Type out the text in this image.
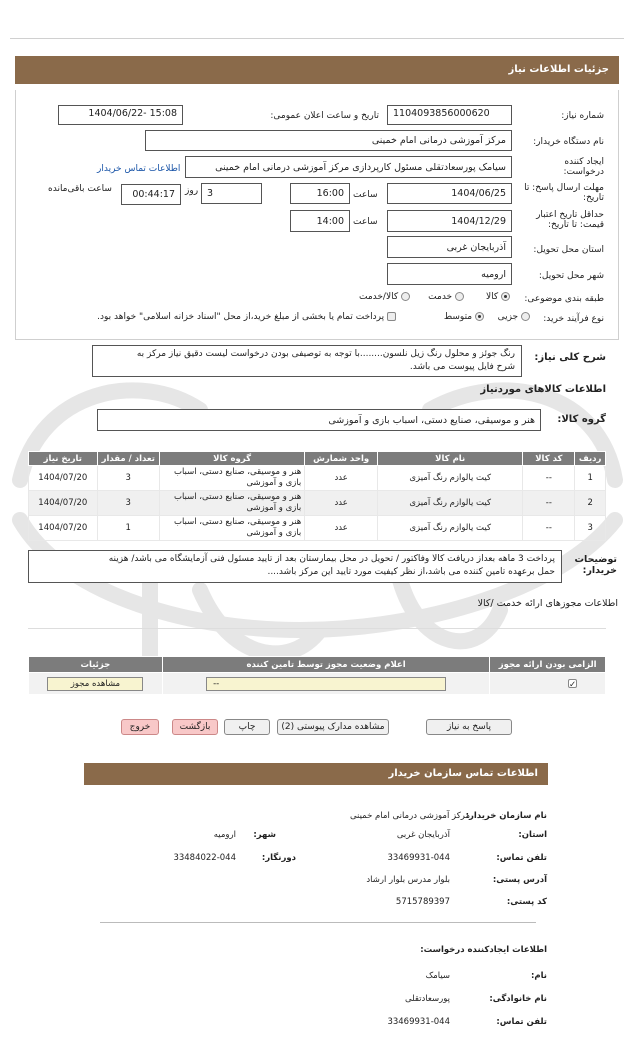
جزئیات اطلاعات نیاز
شماره نیاز:
1104093856000620
تاریخ و ساعت اعلان عمومی:
1404/06/22- 15:08
نام دستگاه خریدار:
مرکز آموزشی درمانی امام خمینی
ایجاد کننده درخواست:
سیامک پورسعادتقلی مسئول کارپردازی مرکز آموزشی درمانی امام خمینی
اطلاعات تماس خریدار
مهلت ارسال پاسخ: تا تاریخ:
1404/06/25
ساعت
16:00
3
روز
00:44:17
ساعت باقی‌مانده
حداقل تاریخ اعتبار قیمت: تا تاریخ:
1404/12/29
ساعت
14:00
استان محل تحویل:
آذربایجان غربی
شهر محل تحویل:
ارومیه
طبقه بندی موضوعی:
کالا
خدمت
کالا/خدمت
نوع فرآیند خرید:
جزیی
متوسط
پرداخت تمام یا بخشی از مبلغ خرید،از محل "اسناد خزانه اسلامی" خواهد بود.
شرح کلی نیاز:
رنگ جوئز و محلول رنگ زیل نلسون........با توجه به توصیفی بودن درخواست لیست دقیق نیاز مرکز به
شرح فایل پیوست می باشد.
اطلاعات کالاهای موردنیاز
گروه کالا:
هنر و موسیقی، صنایع دستی، اسباب بازی و آموزشی
ردیف	کد کالا	نام کالا	واحد شمارش	گروه کالا	تعداد / مقدار	تاریخ نیاز
1	--	کیت یالوازم رنگ آمیزی	عدد	هنر و موسیقی، صنایع دستی، اسباب بازی و آموزشی	3	1404/07/20
2	--	کیت یالوازم رنگ آمیزی	عدد	هنر و موسیقی، صنایع دستی، اسباب بازی و آموزشی	3	1404/07/20
3	--	کیت یالوازم رنگ آمیزی	عدد	هنر و موسیقی، صنایع دستی، اسباب بازی و آموزشی	1	1404/07/20
توضیحات خریدار:
پرداخت 3 ماهه بعداز دریافت کالا وفاکتور / تحویل در محل بیمارستان بعد از تایید مسئول فنی آزمایشگاه می باشد/ هزینه
حمل برعهده تامین کننده می باشد،از نظر کیفیت مورد تایید این مرکز باشد....
اطلاعات مجوزهای ارائه خدمت /کالا
الزامی بودن ارائه مجوز	اعلام وضعیت مجوز توسط تامین کننده	جزئیات
✓	--	مشاهده مجوز
پاسخ به نیاز
مشاهده مدارک پیوستی (2)
چاپ
بازگشت
خروج
اطلاعات تماس سازمان خریدار
نام سازمان خریدار:
مرکز آموزشی درمانی امام خمینی
استان:
آذربایجان غربی
شهر:
ارومیه
تلفن تماس:
33469931-044
دورنگار:
33484022-044
آدرس پستی:
بلوار مدرس بلوار ارشاد
کد پستی:
5715789397
اطلاعات ایجادکننده درخواست:
نام:
سیامک
نام خانوادگی:
پورسعادتقلی
تلفن تماس:
33469931-044
